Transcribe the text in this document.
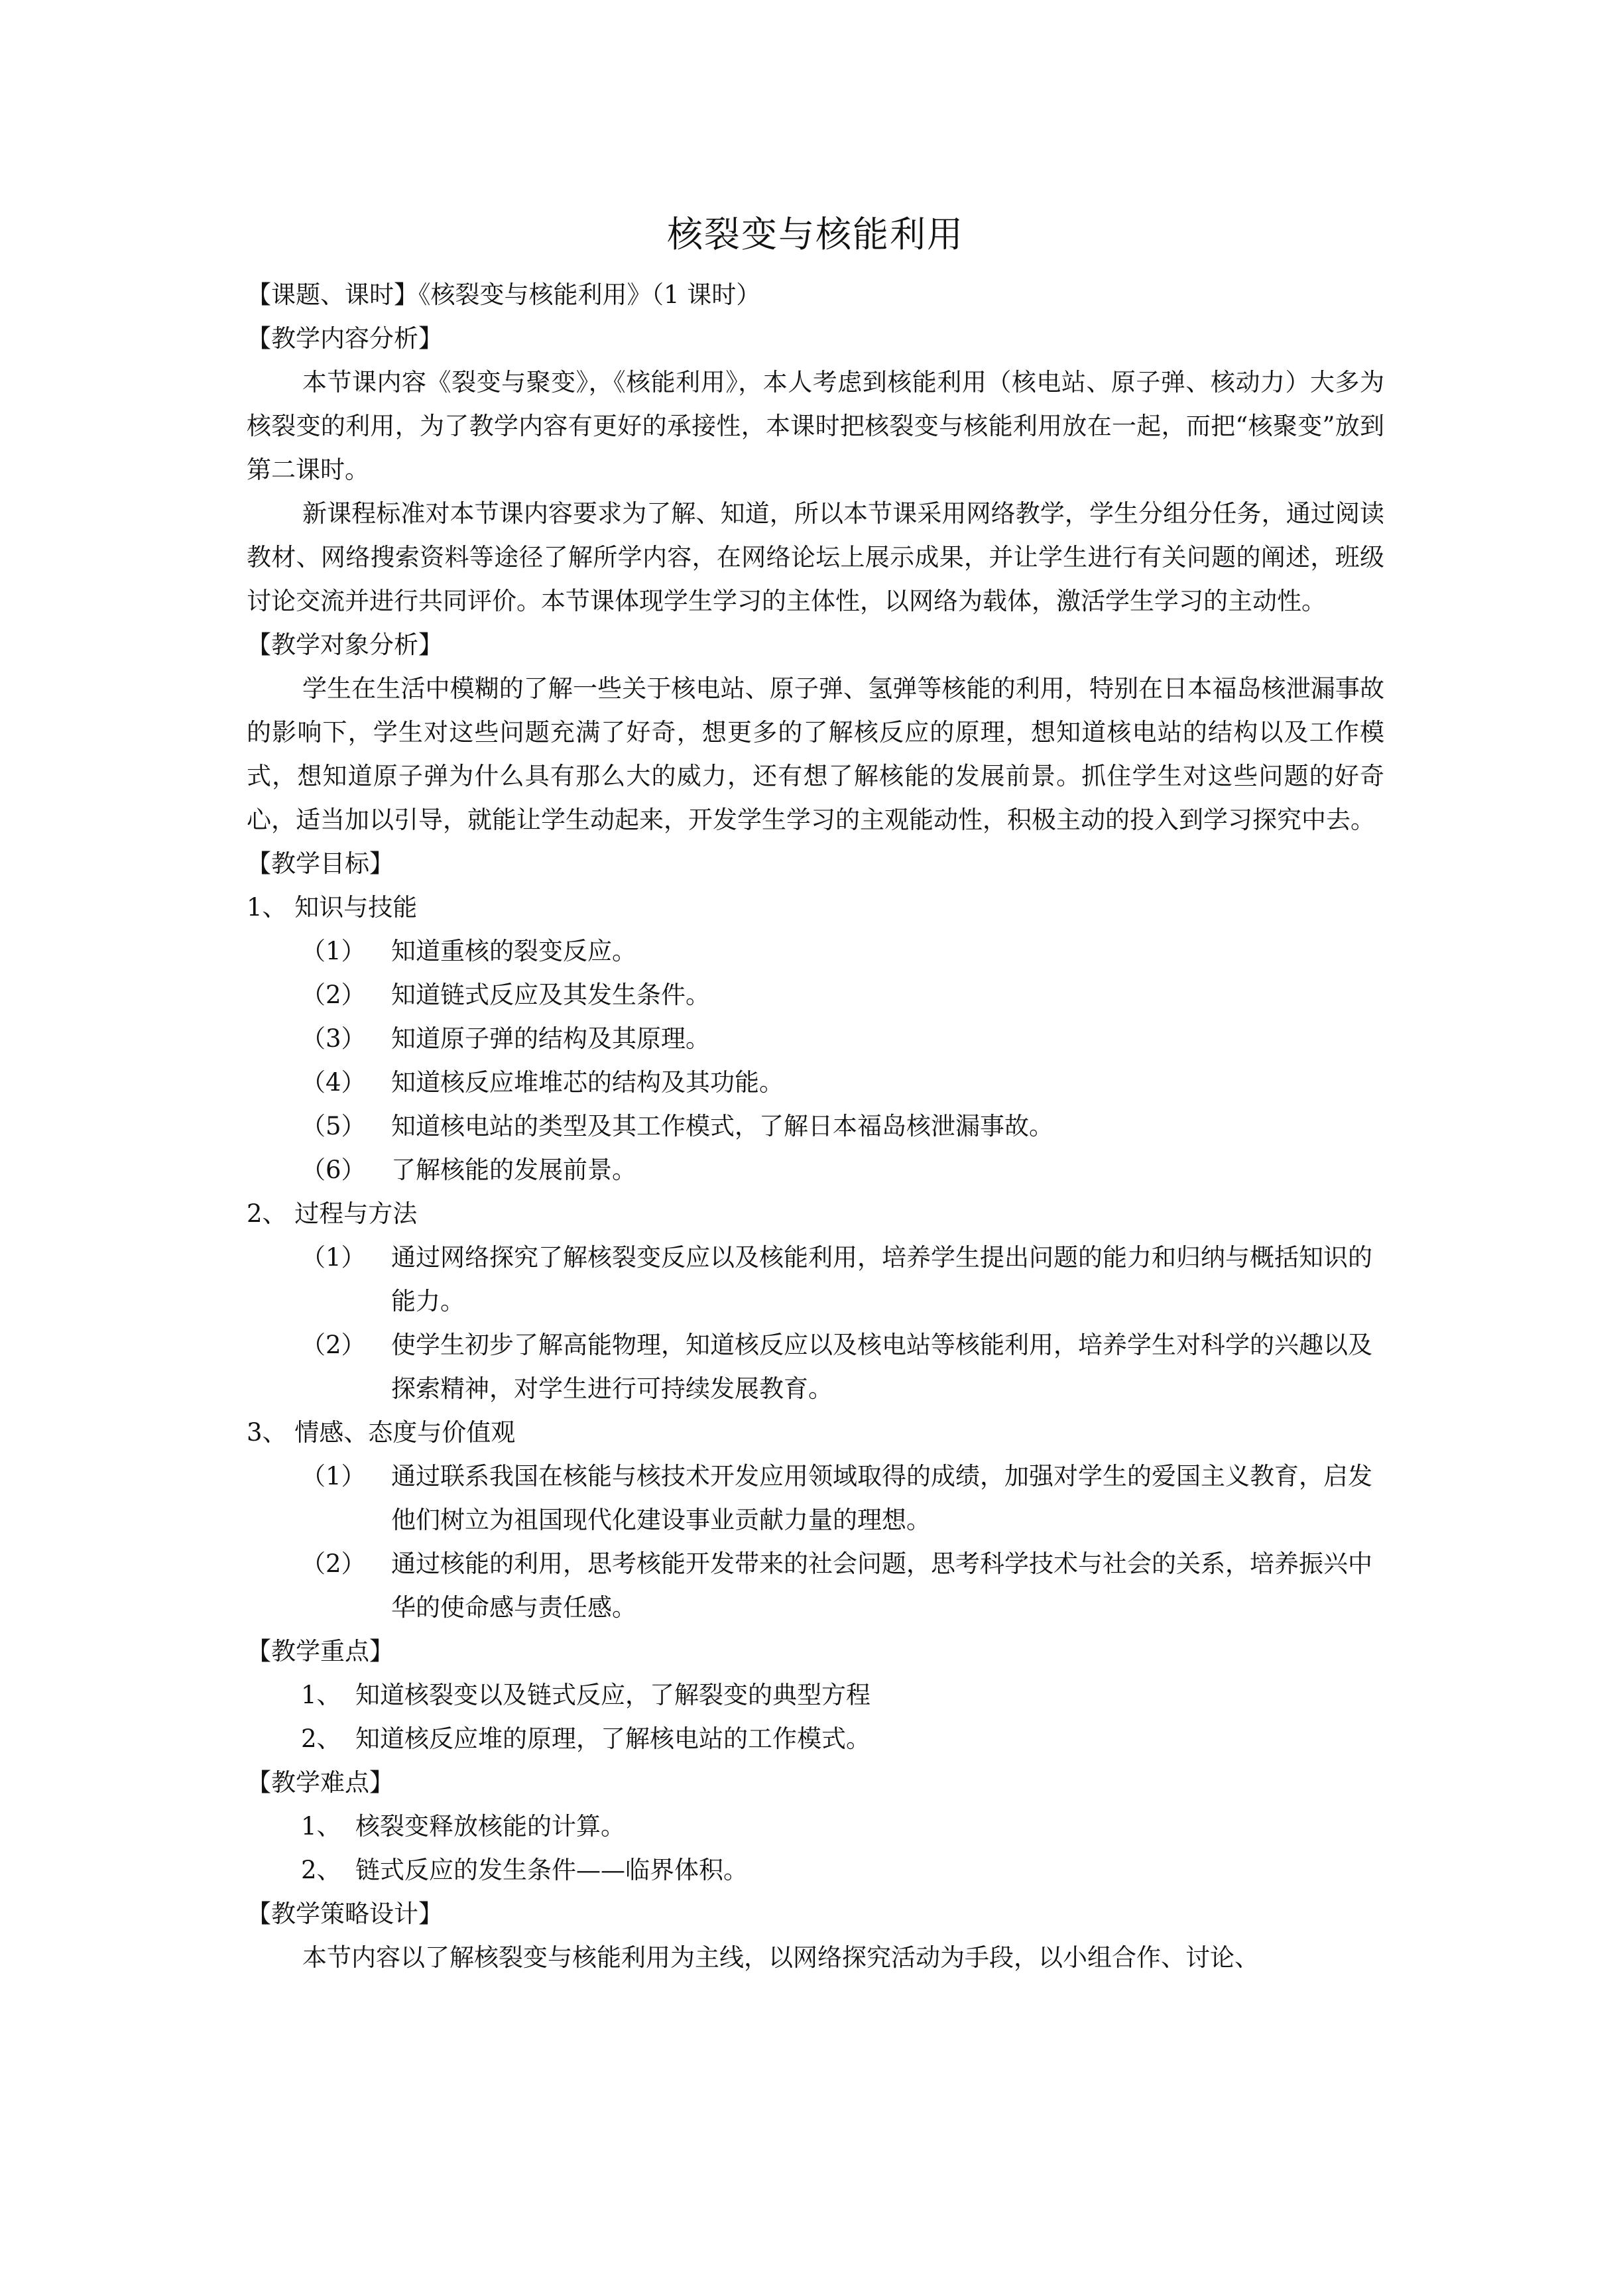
核裂变与核能利用
【课题、课时】《核裂变与核能利用》（1 课时）
【教学内容分析】
本节课内容《裂变与聚变》，《核能利用》，本人考虑到核能利用（核电站、原子弹、核动力）大多为核裂变的利用，为了教学内容有更好的承接性，本课时把核裂变与核能利用放在一起，而把“核聚变”放到第二课时。
新课程标准对本节课内容要求为了解、知道，所以本节课采用网络教学，学生分组分任务，通过阅读教材、网络搜索资料等途径了解所学内容，在网络论坛上展示成果，并让学生进行有关问题的阐述，班级讨论交流并进行共同评价。本节课体现学生学习的主体性，以网络为载体，激活学生学习的主动性。
【教学对象分析】
学生在生活中模糊的了解一些关于核电站、原子弹、氢弹等核能的利用，特别在日本福岛核泄漏事故的影响下，学生对这些问题充满了好奇，想更多的了解核反应的原理，想知道核电站的结构以及工作模式，想知道原子弹为什么具有那么大的威力，还有想了解核能的发展前景。抓住学生对这些问题的好奇心，适当加以引导，就能让学生动起来，开发学生学习的主观能动性，积极主动的投入到学习探究中去。
【教学目标】
1、 知识与技能
（1）	知道重核的裂变反应。
（2）	知道链式反应及其发生条件。
（3）	知道原子弹的结构及其原理。
（4）	知道核反应堆堆芯的结构及其功能。
（5）	知道核电站的类型及其工作模式，了解日本福岛核泄漏事故。
（6）	了解核能的发展前景。
2、 过程与方法
（1）	通过网络探究了解核裂变反应以及核能利用，培养学生提出问题的能力和归纳与概括知识的能力。
（2）	使学生初步了解高能物理，知道核反应以及核电站等核能利用，培养学生对科学的兴趣以及探索精神，对学生进行可持续发展教育。
3、 情感、态度与价值观
（1）	通过联系我国在核能与核技术开发应用领域取得的成绩，加强对学生的爱国主义教育，启发他们树立为祖国现代化建设事业贡献力量的理想。
（2）	通过核能的利用，思考核能开发带来的社会问题，思考科学技术与社会的关系，培养振兴中华的使命感与责任感。
【教学重点】
1、 知道核裂变以及链式反应，了解裂变的典型方程
2、 知道核反应堆的原理，了解核电站的工作模式。
【教学难点】
1、 核裂变释放核能的计算。
2、 链式反应的发生条件——临界体积。
【教学策略设计】
本节内容以了解核裂变与核能利用为主线，以网络探究活动为手段，以小组合作、讨论、
